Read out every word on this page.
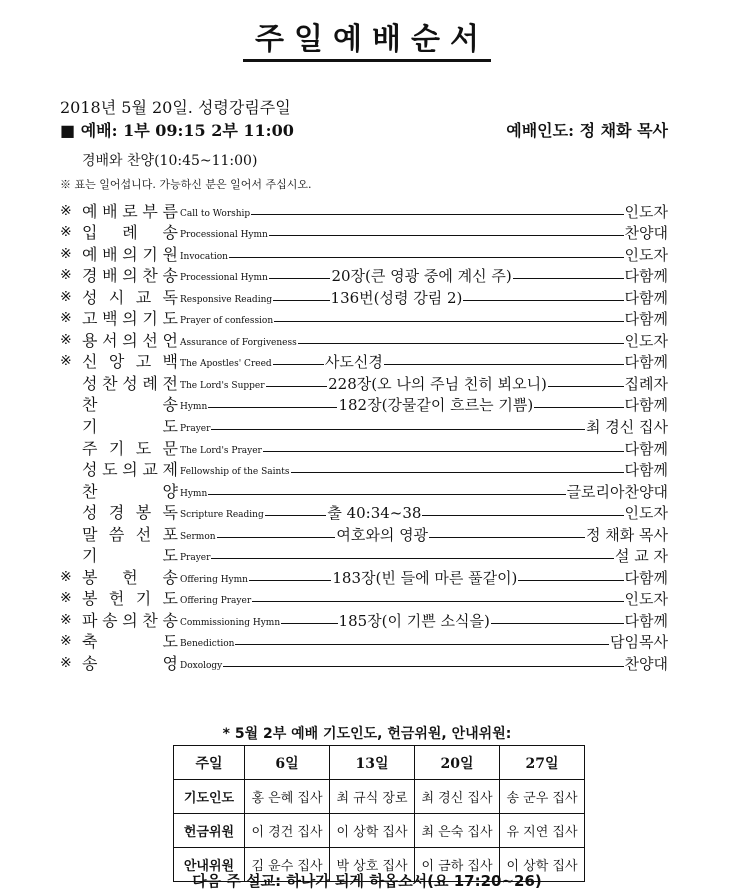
주일예배순서
2018년 5월 20일. 성령강림주일
■ 예배: 1부 09:15 2부 11:00	예배인도: 정 채화 목사
경배와 찬양(10:45~11:00)
※ 표는 일어섭니다. 가능하신 분은 일어서 주십시오.
※ 예 배 로 부 름 Call to Worship	인도자
※ 입 례 송 Processional Hymn	찬양대
※ 예 배 의 기 원 Invocation	인도자
※ 경 배 의 찬 송 Processional Hymn	20장(큰 영광 중에 계신 주)	다함께
※ 성 시 교 독 Responsive Reading	136번(성령 강림 2)	다함께
※ 고 백 의 기 도 Prayer of confession	다함께
※ 용 서 의 선 언 Assurance of Forgiveness	인도자
※ 신 앙 고 백 The Apostles' Creed	사도신경	다함께
성 찬 성 례 전 The Lord's Supper	228장(오 나의 주님 친히 뵈오니)	집례자
찬	송 Hymn	182장(강물같이 흐르는 기쁨)	다함께
기	도 Prayer	최 경신 집사
주 기 도 문 The Lord's Prayer	다함께
성 도 의 교 제 Fellowship of the Saints	다함께
찬	양 Hymn	글로리아찬양대
성 경 봉 독 Scripture Reading	출 40:34~38	인도자
말 씀 선 포 Sermon	여호와의 영광	정 채화 목사
기	도 Prayer	설 교 자
※ 봉 헌 송 Offering Hymn	183장(빈 들에 마른 풀같이)	다함께
※ 봉 헌 기 도 Offering Prayer	인도자
※ 파 송 의 찬 송 Commissioning Hymn	185장(이 기쁜 소식을)	다함께
※ 축	도 Benediction	담임목사
※ 송	영 Doxology	찬양대
* 5월 2부 예배 기도인도, 헌금위원, 안내위원:
주일	6일	13일	20일	27일
기도인도	홍 은혜 집사	최 규식 장로	최 경신 집사	송 군우 집사
헌금위원	이 경건 집사	이 상학 집사	최 은숙 집사	유 지연 집사
안내위원	김 윤수 집사	박 상호 집사	이 금하 집사	이 상학 집사
다음 주 설교: 하나가 되게 하옵소서(요 17:20~26)
